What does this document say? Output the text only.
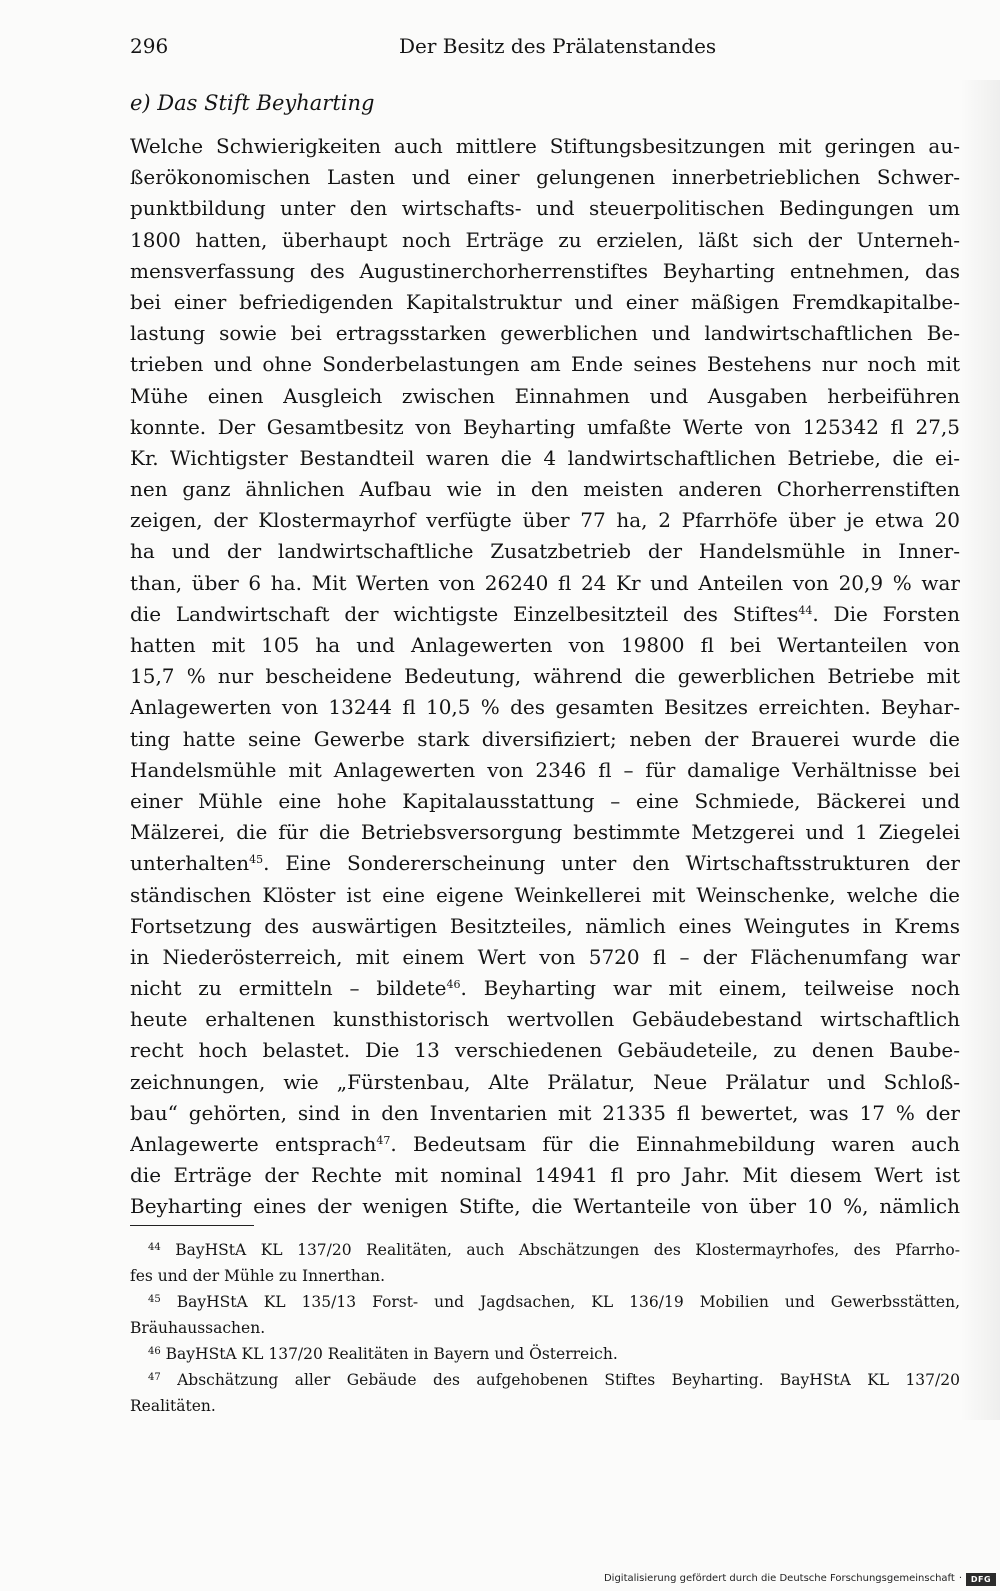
296	Der Besitz des Prälatenstandes
e) Das Stift Beyharting
Welche Schwierigkeiten auch mittlere Stiftungsbesitzungen mit geringen au-
ßerökonomischen Lasten und einer gelungenen innerbetrieblichen Schwer-
punktbildung unter den wirtschafts- und steuerpolitischen Bedingungen um
1800 hatten, überhaupt noch Erträge zu erzielen, läßt sich der Unterneh-
mensverfassung des Augustinerchorherrenstiftes Beyharting entnehmen, das
bei einer befriedigenden Kapitalstruktur und einer mäßigen Fremdkapitalbe-
lastung sowie bei ertragsstarken gewerblichen und landwirtschaftlichen Be-
trieben und ohne Sonderbelastungen am Ende seines Bestehens nur noch mit
Mühe einen Ausgleich zwischen Einnahmen und Ausgaben herbeiführen
konnte. Der Gesamtbesitz von Beyharting umfaßte Werte von 125342 fl 27,5
Kr. Wichtigster Bestandteil waren die 4 landwirtschaftlichen Betriebe, die ei-
nen ganz ähnlichen Aufbau wie in den meisten anderen Chorherrenstiften
zeigen, der Klostermayrhof verfügte über 77 ha, 2 Pfarrhöfe über je etwa 20
ha und der landwirtschaftliche Zusatzbetrieb der Handelsmühle in Inner-
than, über 6 ha. Mit Werten von 26240 fl 24 Kr und Anteilen von 20,9 % war
die Landwirtschaft der wichtigste Einzelbesitzteil des Stiftes$^{44}$. Die Forsten
hatten mit 105 ha und Anlagewerten von 19800 fl bei Wertanteilen von
15,7 % nur bescheidene Bedeutung, während die gewerblichen Betriebe mit
Anlagewerten von 13244 fl 10,5 % des gesamten Besitzes erreichten. Beyhar-
ting hatte seine Gewerbe stark diversifiziert; neben der Brauerei wurde die
Handelsmühle mit Anlagewerten von 2346 fl – für damalige Verhältnisse bei
einer Mühle eine hohe Kapitalausstattung – eine Schmiede, Bäckerei und
Mälzerei, die für die Betriebsversorgung bestimmte Metzgerei und 1 Ziegelei
unterhalten$^{45}$. Eine Sondererscheinung unter den Wirtschaftsstrukturen der
ständischen Klöster ist eine eigene Weinkellerei mit Weinschenke, welche die
Fortsetzung des auswärtigen Besitzteiles, nämlich eines Weingutes in Krems
in Niederösterreich, mit einem Wert von 5720 fl – der Flächenumfang war
nicht zu ermitteln – bildete$^{46}$. Beyharting war mit einem, teilweise noch
heute erhaltenen kunsthistorisch wertvollen Gebäudebestand wirtschaftlich
recht hoch belastet. Die 13 verschiedenen Gebäudeteile, zu denen Baube-
zeichnungen, wie „Fürstenbau, Alte Prälatur, Neue Prälatur und Schloß-
bau“ gehörten, sind in den Inventarien mit 21335 fl bewertet, was 17 % der
Anlagewerte entsprach$^{47}$. Bedeutsam für die Einnahmebildung waren auch
die Erträge der Rechte mit nominal 14941 fl pro Jahr. Mit diesem Wert ist
Beyharting eines der wenigen Stifte, die Wertanteile von über 10 %, nämlich
$^{44}$ BayHStA KL 137/20 Realitäten, auch Abschätzungen des Klostermayrhofes, des Pfarrho-
fes und der Mühle zu Innerthan.
$^{45}$ BayHStA KL 135/13 Forst- und Jagdsachen, KL 136/19 Mobilien und Gewerbsstätten,
Bräuhaussachen.
$^{46}$ BayHStA KL 137/20 Realitäten in Bayern und Österreich.
$^{47}$ Abschätzung aller Gebäude des aufgehobenen Stiftes Beyharting. BayHStA KL 137/20
Realitäten.
Digitalisierung gefördert durch die Deutsche Forschungsgemeinschaft ·	DFG
